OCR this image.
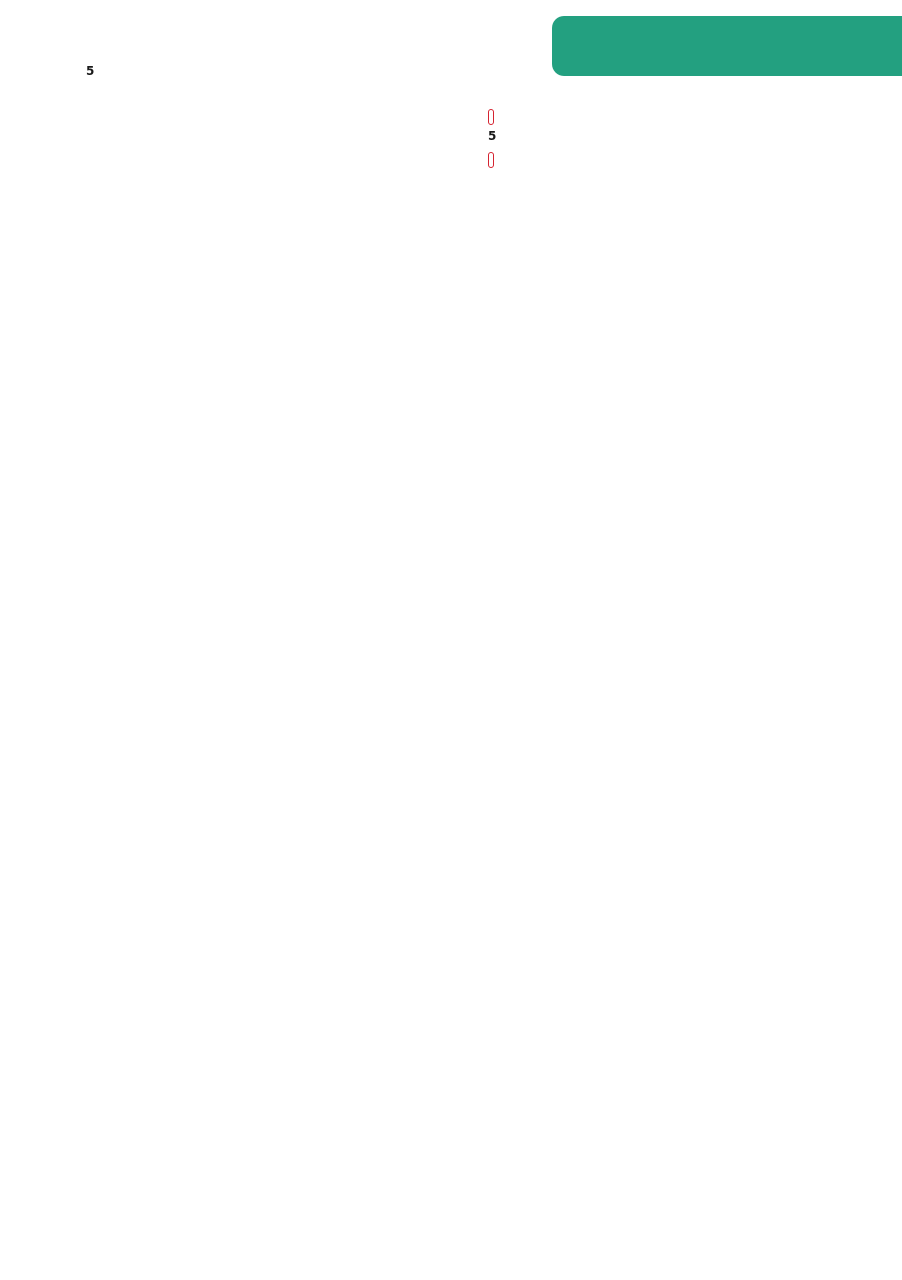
5
5
